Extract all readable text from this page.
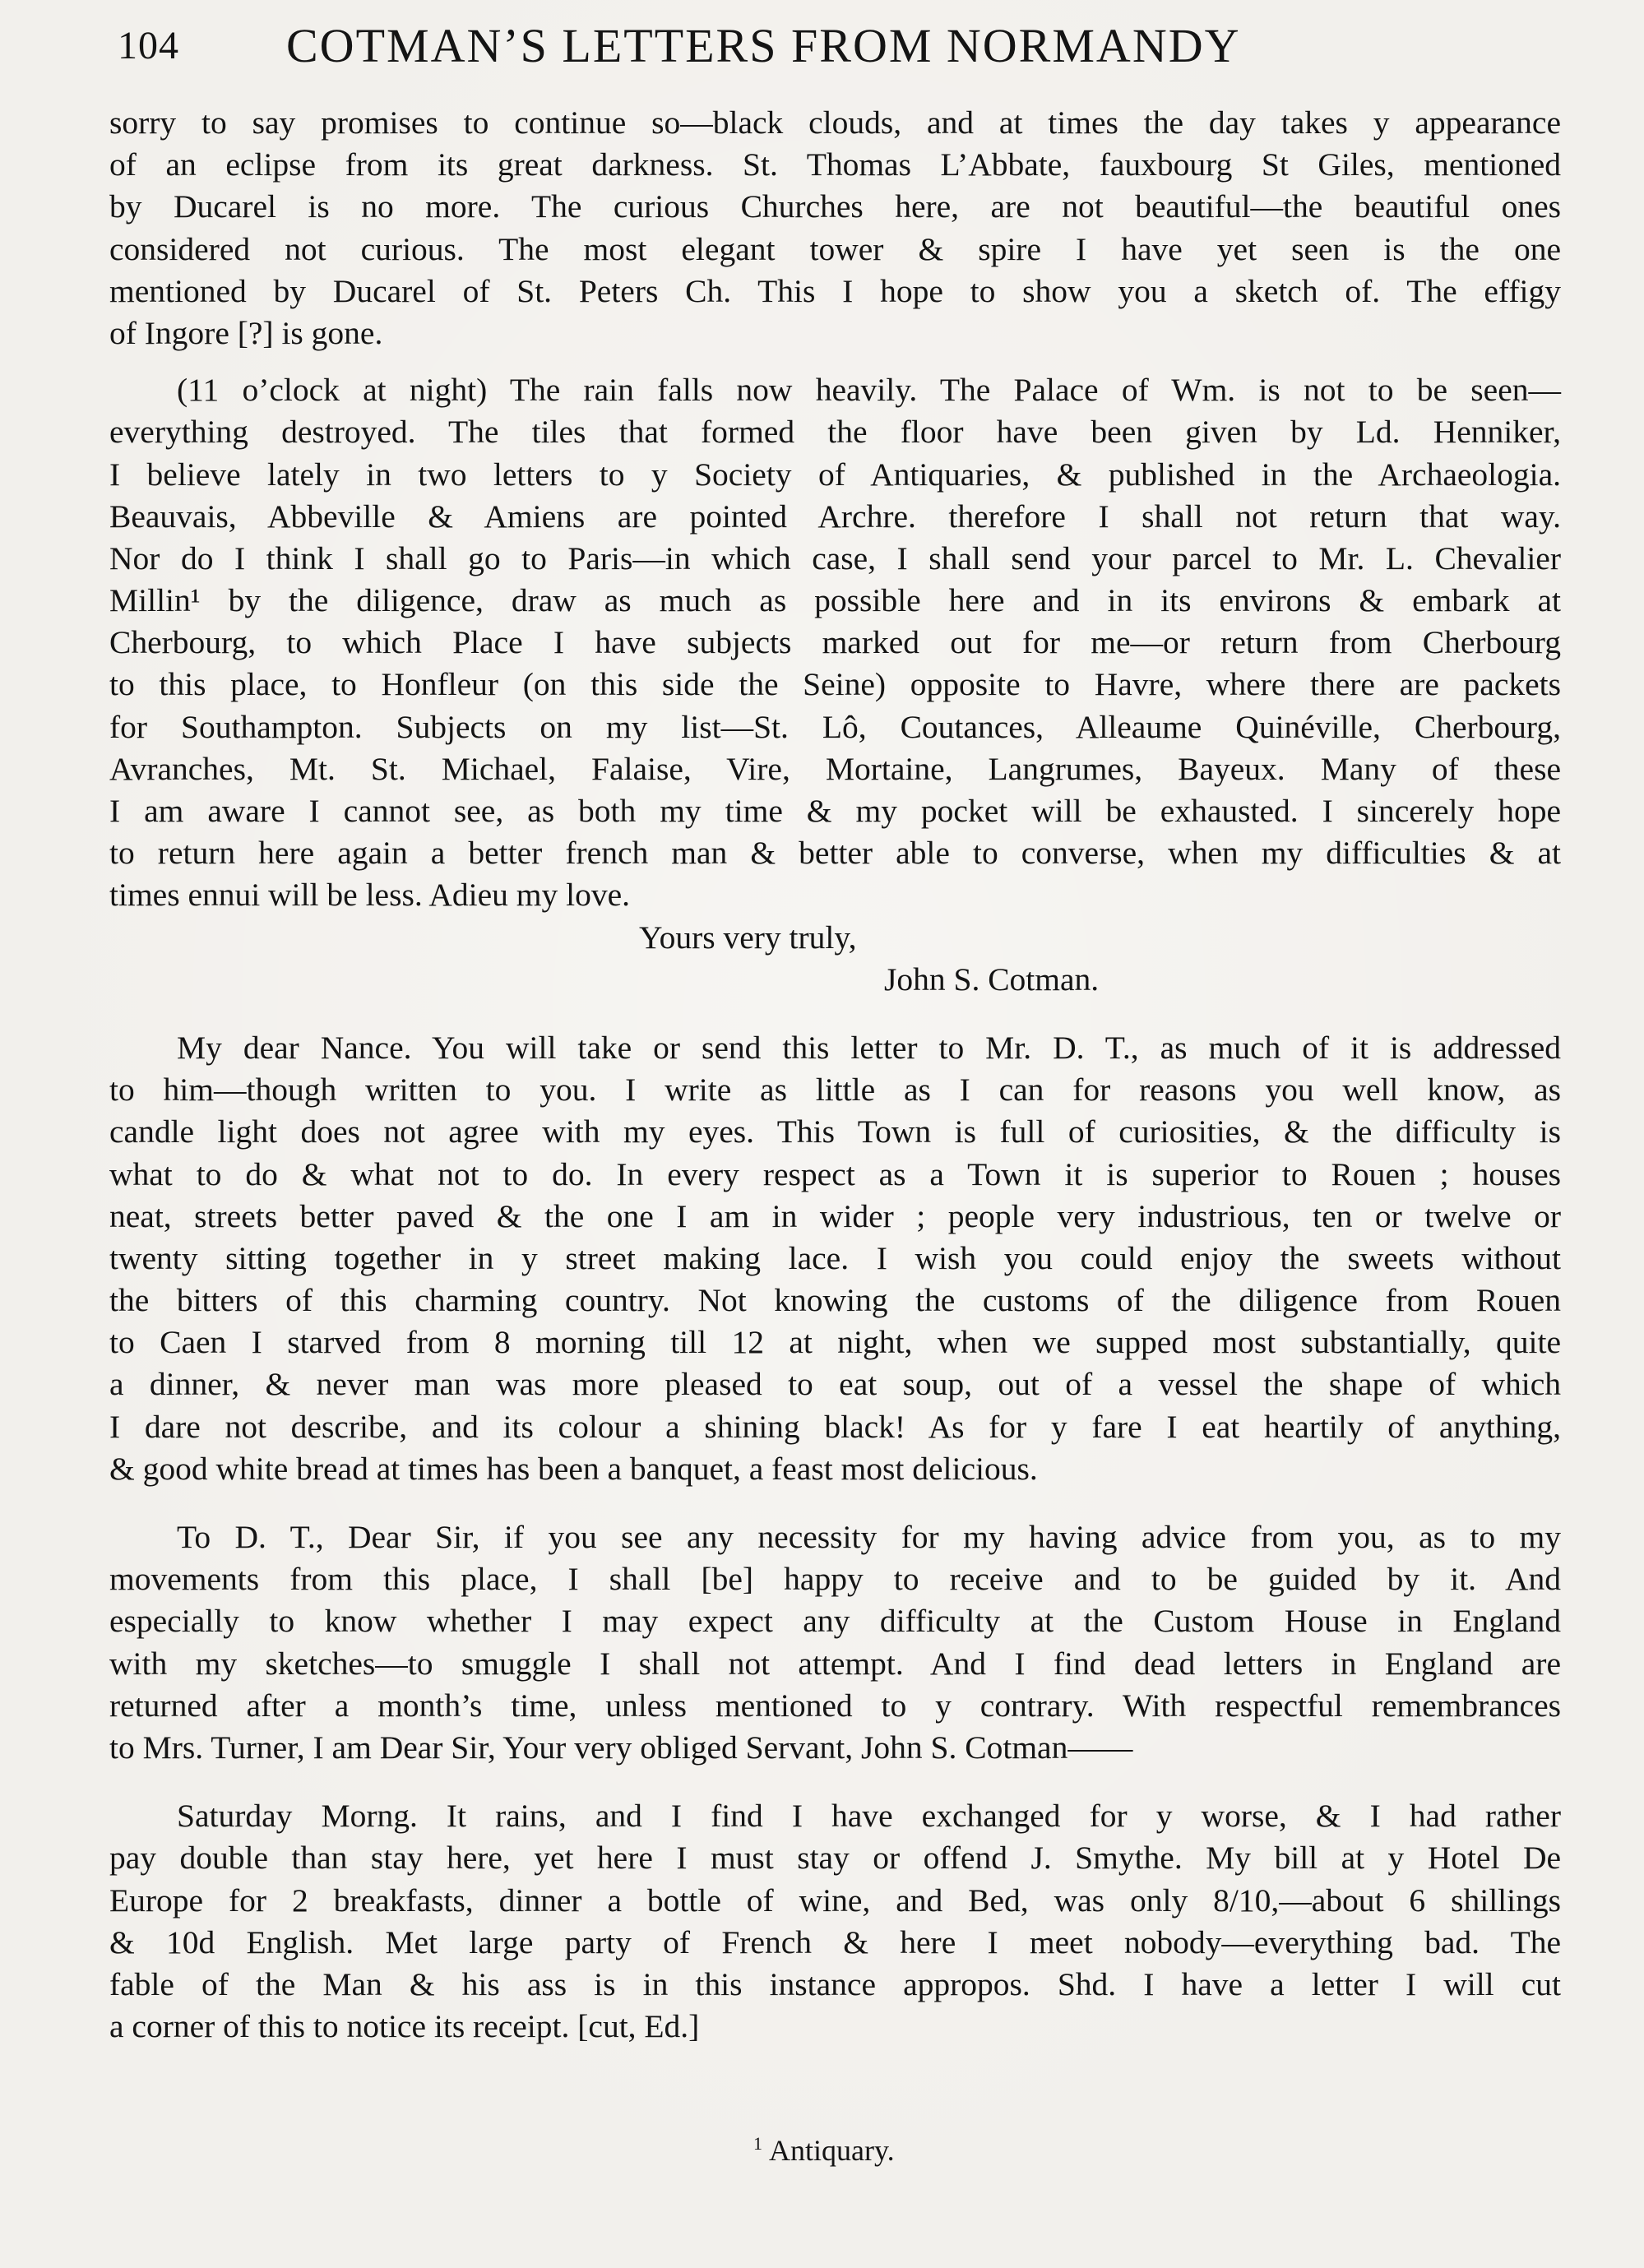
104 COTMAN’S LETTERS FROM NORMANDY
sorry to say promises to continue so—black clouds, and at times the day takes y appearance
of an eclipse from its great darkness. St. Thomas L’Abbate, fauxbourg St Giles, mentioned
by Ducarel is no more. The curious Churches here, are not beautiful—the beautiful ones
considered not curious. The most elegant tower & spire I have yet seen is the one
mentioned by Ducarel of St. Peters Ch. This I hope to show you a sketch of. The effigy
of Ingore [?] is gone.
(11 o’clock at night) The rain falls now heavily. The Palace of Wm. is not to be seen—
everything destroyed. The tiles that formed the floor have been given by Ld. Henniker,
I believe lately in two letters to y Society of Antiquaries, & published in the Archaeologia.
Beauvais, Abbeville & Amiens are pointed Archre. therefore I shall not return that way.
Nor do I think I shall go to Paris—in which case, I shall send your parcel to Mr. L. Chevalier
Millin¹ by the diligence, draw as much as possible here and in its environs & embark at
Cherbourg, to which Place I have subjects marked out for me—or return from Cherbourg
to this place, to Honfleur (on this side the Seine) opposite to Havre, where there are packets
for Southampton. Subjects on my list—St. Lô, Coutances, Alleaume Quinéville, Cherbourg,
Avranches, Mt. St. Michael, Falaise, Vire, Mortaine, Langrumes, Bayeux. Many of these
I am aware I cannot see, as both my time & my pocket will be exhausted. I sincerely hope
to return here again a better french man & better able to converse, when my difficulties & at
times ennui will be less. Adieu my love.
Yours very truly,
John S. Cotman.
My dear Nance. You will take or send this letter to Mr. D. T., as much of it is addressed
to him—though written to you. I write as little as I can for reasons you well know, as
candle light does not agree with my eyes. This Town is full of curiosities, & the difficulty is
what to do & what not to do. In every respect as a Town it is superior to Rouen ; houses
neat, streets better paved & the one I am in wider ; people very industrious, ten or twelve or
twenty sitting together in y street making lace. I wish you could enjoy the sweets without
the bitters of this charming country. Not knowing the customs of the diligence from Rouen
to Caen I starved from 8 morning till 12 at night, when we supped most substantially, quite
a dinner, & never man was more pleased to eat soup, out of a vessel the shape of which
I dare not describe, and its colour a shining black! As for y fare I eat heartily of anything,
& good white bread at times has been a banquet, a feast most delicious.
To D. T., Dear Sir, if you see any necessity for my having advice from you, as to my
movements from this place, I shall [be] happy to receive and to be guided by it. And
especially to know whether I may expect any difficulty at the Custom House in England
with my sketches—to smuggle I shall not attempt. And I find dead letters in England are
returned after a month’s time, unless mentioned to y contrary. With respectful remembrances
to Mrs. Turner, I am Dear Sir, Your very obliged Servant, John S. Cotman——
Saturday Morng. It rains, and I find I have exchanged for y worse, & I had rather
pay double than stay here, yet here I must stay or offend J. Smythe. My bill at y Hotel De
Europe for 2 breakfasts, dinner a bottle of wine, and Bed, was only 8/10,—about 6 shillings
& 10d English. Met large party of French & here I meet nobody—everything bad. The
fable of the Man & his ass is in this instance appropos. Shd. I have a letter I will cut
a corner of this to notice its receipt. [cut, Ed.]
$^1$ Antiquary.
